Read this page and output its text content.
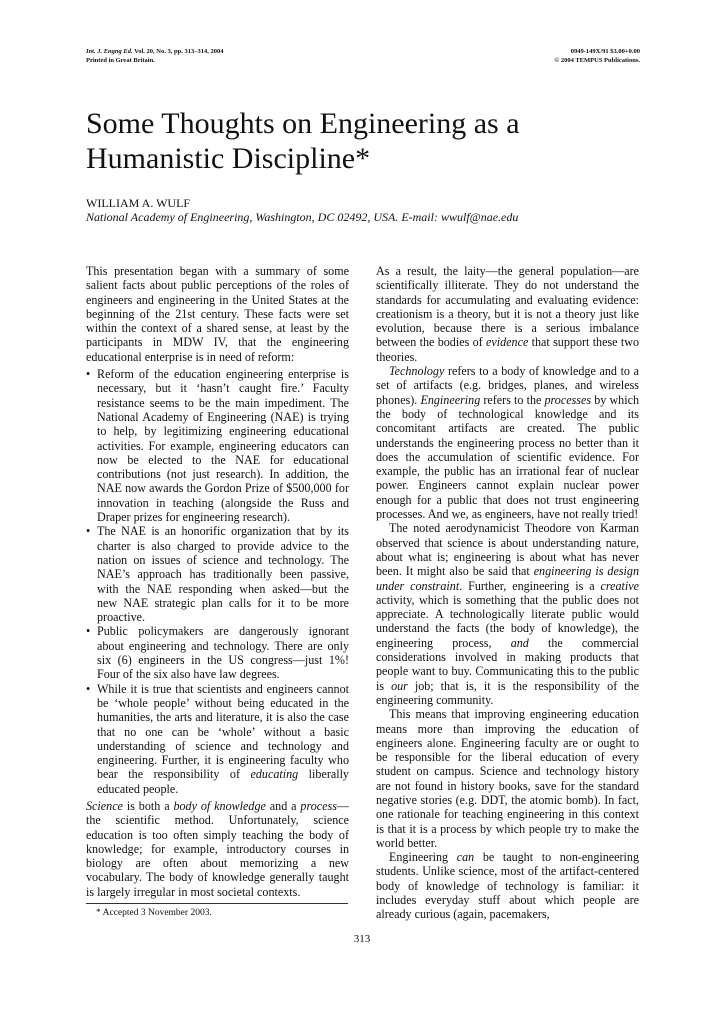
Int. J. Engng Ed. Vol. 20, No. 3, pp. 313–314, 2004
Printed in Great Britain.
0949-149X/91 $3.00+0.00
© 2004 TEMPUS Publications.
Some Thoughts on Engineering as a Humanistic Discipline*
WILLIAM A. WULF
National Academy of Engineering, Washington, DC 02492, USA. E-mail: wwulf@nae.edu

This presentation began with a summary of some salient facts about public perceptions of the roles of engineers and engineering in the United States at the beginning of the 21st century. These facts were set within the context of a shared sense, at least by the participants in MDW IV, that the engineering educational enterprise is in need of reform:

• Reform of the education engineering enterprise is necessary, but it ‘hasn’t caught fire.’ Faculty resistance seems to be the main impediment. The National Academy of Engineering (NAE) is trying to help, by legitimizing engineering educational activities. For example, engineering educators can now be elected to the NAE for educational contributions (not just research). In addition, the NAE now awards the Gordon Prize of $500,000 for innovation in teaching (alongside the Russ and Draper prizes for engineering research).
• The NAE is an honorific organization that by its charter is also charged to provide advice to the nation on issues of science and technology. The NAE’s approach has traditionally been passive, with the NAE responding when asked—but the new NAE strategic plan calls for it to be more proactive.
• Public policymakers are dangerously ignorant about engineering and technology. There are only six (6) engineers in the US congress—just 1%! Four of the six also have law degrees.
• While it is true that scientists and engineers cannot be ‘whole people’ without being educated in the humanities, the arts and literature, it is also the case that no one can be ‘whole’ without a basic understanding of science and technology and engineering. Further, it is engineering faculty who bear the responsibility of educating liberally educated people.

Science is both a body of knowledge and a process—the scientific method. Unfortunately, science education is too often simply teaching the body of knowledge; for example, introductory courses in biology are often about memorizing a new vocabulary. The body of knowledge generally taught is largely irregular in most societal contexts.

As a result, the laity—the general population—are scientifically illiterate. They do not understand the standards for accumulating and evaluating evidence: creationism is a theory, but it is not a theory just like evolution, because there is a serious imbalance between the bodies of evidence that support these two theories.

Technology refers to a body of knowledge and to a set of artifacts (e.g. bridges, planes, and wireless phones). Engineering refers to the processes by which the body of technological knowledge and its concomitant artifacts are created. The public understands the engineering process no better than it does the accumulation of scientific evidence. For example, the public has an irrational fear of nuclear power. Engineers cannot explain nuclear power enough for a public that does not trust engineering processes. And we, as engineers, have not really tried!

The noted aerodynamicist Theodore von Karman observed that science is about understanding nature, about what is; engineering is about what has never been. It might also be said that engineering is design under constraint. Further, engineering is a creative activity, which is something that the public does not appreciate. A technologically literate public would understand the facts (the body of knowledge), the engineering process, and the commercial considerations involved in making products that people want to buy. Communicating this to the public is our job; that is, it is the responsibility of the engineering community.

This means that improving engineering education means more than improving the education of engineers alone. Engineering faculty are or ought to be responsible for the liberal education of every student on campus. Science and technology history are not found in history books, save for the standard negative stories (e.g. DDT, the atomic bomb). In fact, one rationale for teaching engineering in this context is that it is a process by which people try to make the world better.

Engineering can be taught to non-engineering students. Unlike science, most of the artifact-centered body of knowledge of technology is familiar: it includes everyday stuff about which people are already curious (again, pacemakers,

* Accepted 3 November 2003.
313
